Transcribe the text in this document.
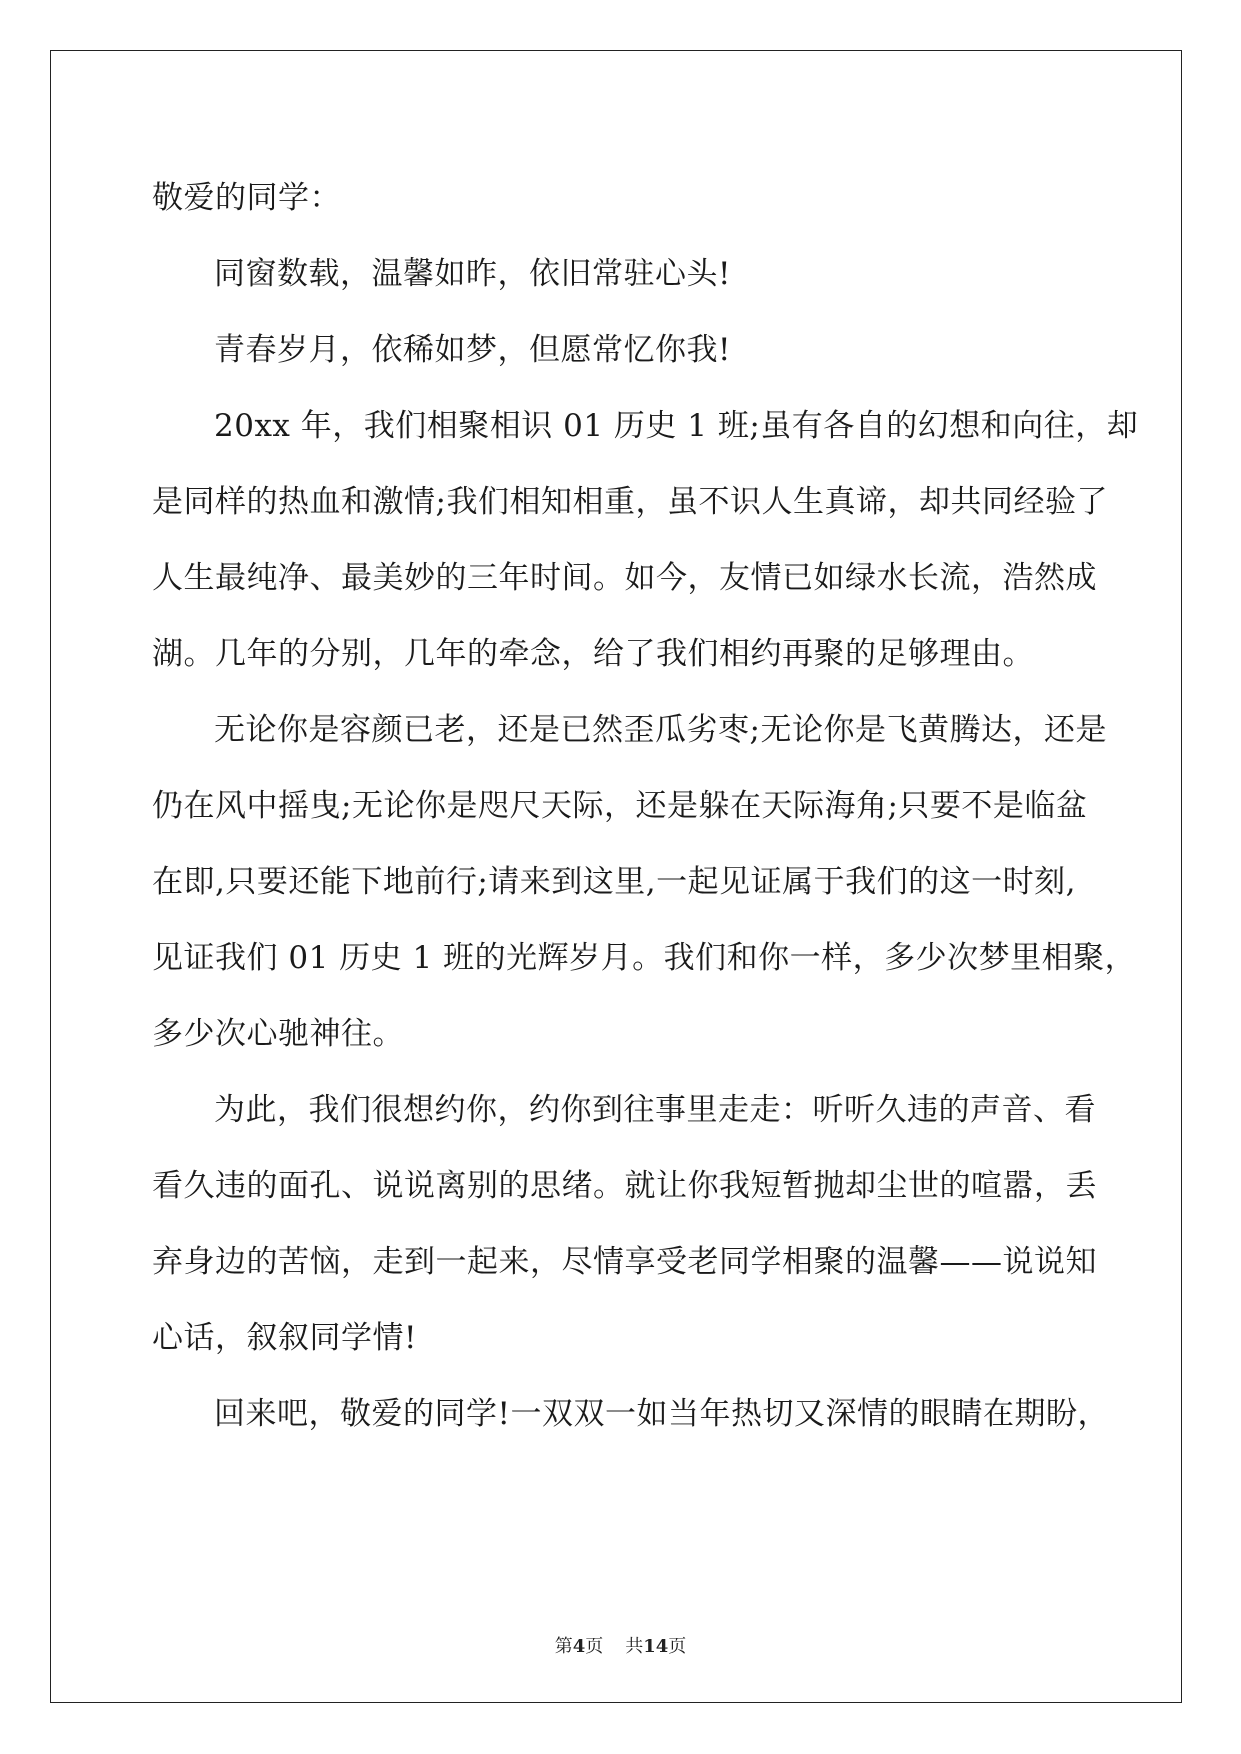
敬爱的同学：
同窗数载，温馨如昨，依旧常驻心头!
青春岁月，依稀如梦，但愿常忆你我!
20xx 年，我们相聚相识 01 历史 1 班;虽有各自的幻想和向往，却
是同样的热血和激情;我们相知相重，虽不识人生真谛，却共同经验了
人生最纯净、最美妙的三年时间。如今，友情已如绿水长流，浩然成
湖。几年的分别，几年的牵念，给了我们相约再聚的足够理由。
无论你是容颜已老，还是已然歪瓜劣枣;无论你是飞黄腾达，还是
仍在风中摇曳;无论你是咫尺天际，还是躲在天际海角;只要不是临盆
在即,只要还能下地前行;请来到这里,一起见证属于我们的这一时刻,
见证我们 01 历史 1 班的光辉岁月。我们和你一样，多少次梦里相聚，
多少次心驰神往。
为此，我们很想约你，约你到往事里走走：听听久违的声音、看
看久违的面孔、说说离别的思绪。就让你我短暂抛却尘世的喧嚣，丢
弃身边的苦恼，走到一起来，尽情享受老同学相聚的温馨——说说知
心话，叙叙同学情!
回来吧，敬爱的同学!一双双一如当年热切又深情的眼睛在期盼，
第4页 共14页
